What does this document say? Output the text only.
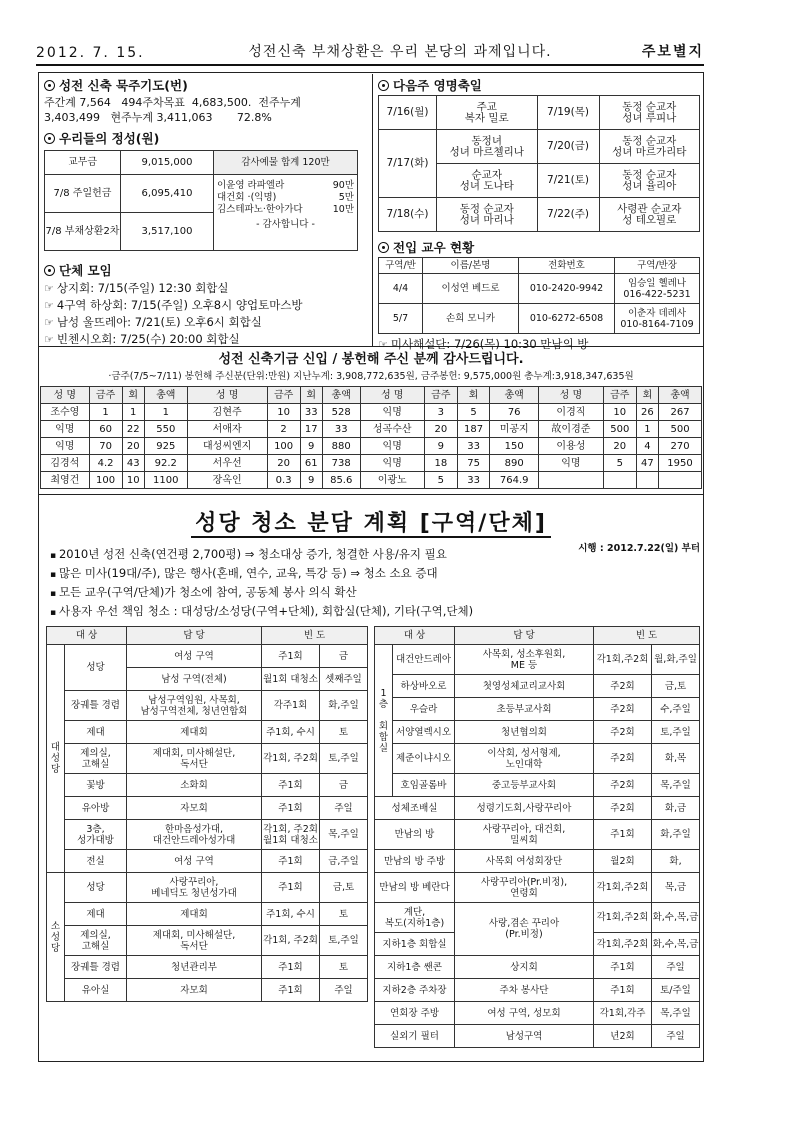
2012. 7. 15.	성전신축 부채상환은 우리 본당의 과제입니다.	주보별지
성전 신축 묵주기도(번)
주간계 7,564   494주차목표  4,683,500.  전주누계
3,403,499   현주누계 3,411,063       72.8%
우리들의 정성(원)
교무금	9,015,000
7/8 주일헌금	6,095,410
7/8 부채상환2차	3,517,100
감사예물 합계 120만
이윤영 라파엘라	90만
대건회 ·(익명)	5만
김스테파노·한아가다	10만
- 감사합니다 -
단체 모임
☞ 상지회: 7/15(주일) 12:30 회합실
☞ 4구역 하상회: 7/15(주일) 오후8시 양업토마스방
☞ 남성 울뜨레아: 7/21(토) 오후6시 회합실
☞ 빈첸시오회: 7/25(수) 20:00 회합실
다음주 영명축일
7/16(월)	주교
복자 밀로	7/19(목)	동정 순교자
성녀 루피나
7/17(화)	동정녀
성녀 마르첼리나	7/20(금)	동정 순교자
성녀 마르가리타
	순교자
성녀 도나타	7/21(토)	동정 순교자
성녀 율리아
7/18(수)	동정 순교자
성녀 마리나	7/22(주)	사령관 순교자
성 테오필로
전입 교우 현황
구역/반	이름/본명	전화번호	구역/반장
4/4	이성연 베드로	010-2420-9942	임승일 헬레나
016-422-5231
5/7	손희 모니카	010-6272-6508	이춘자 데레사
010-8164-7109
☞ 미사해설단: 7/26(목) 10:30 만남의 방
성전 신축기금 신입 / 봉헌해 주신 분께 감사드립니다.
·금주(7/5~7/11) 봉헌해 주신분(단위:만원) 지난누계: 3,908,772,635원, 금주봉헌: 9,575,000원 총누계:3,918,347,635원
성 명	금주	회	총액	성 명	금주	회	총액	성 명	금주	회	총액	성 명	금주	회	총액
조수영	1	1	1	김현주	10	33	528	익명	3	5	76	이경직	10	26	267
익명	60	22	550	서애자	2	17	33	성곡수산	20	187	미공지	故이경준	500	1	500
익명	70	20	925	대성씨엔지	100	9	880	익명	9	33	150	이용성	20	4	270
김경석	4.2	43	92.2	서우선	20	61	738	익명	18	75	890	익명	5	47	1950
최영건	100	10	1100	장옥인	0.3	9	85.6	이광노	5	33	764.9				
성당 청소 분담 계획 [구역/단체]
시행 : 2012.7.22(일) 부터
▪ 2010년 성전 신축(연건평 2,700평) ⇒ 청소대상 증가, 청결한 사용/유지 필요
▪ 많은 미사(19대/주), 많은 행사(혼배, 연수, 교육, 특강 등) ⇒ 청소 소요 증대
▪ 모든 교우(구역/단체)가 청소에 참여, 공동체 봉사 의식 확산
▪ 사용자 우선 책임 청소 : 대성당/소성당(구역+단체), 회합실(단체), 기타(구역,단체)
대 상		담 당	빈 도	
대
성
당	성당	여성 구역	주1회	금
		남성 구역(전체)	월1회 대청소	셋째주일
	장궤틀 경렴	남성구역임원, 사목회,
남성구역전체, 청년연합회	각주1회	화,주일
	제대	제대회	주1회, 수시	토
	제의실,
고해실	제대회, 미사해설단,
독서단	각1회, 주2회	토,주일
	꽃방	소화회	주1회	금
	유아방	자모회	주1회	주일
	3층,
성가대방	한마음성가대,
대건안드레아성가대	각1회, 주2회
월1회 대청소	목,주일
	전실	여성 구역	주1회	금,주일
소
성
당	성당	사랑꾸리아,
베네딕도 청년성가대	주1회	금,토
	제대	제대회	주1회, 수시	토
	제의실,
고해실	제대회, 미사해설단,
독서단	각1회, 주2회	토,주일
	장궤틀 경렴	청년관리부	주1회	토
	유아실	자모회	주1회	주일
대 상		담 당	빈 도	
1
층

회
합
실	대건안드레아	사목회, 성소후원회,
ME 등	각1회,주2회	월,화,주일
	하상바오로	첫영성체교리교사회	주2회	금,토
	우슬라	초등부교사회	주2회	수,주일
	서양열렉시오	청년협의회	주2회	토,주일
	제준이냐시오	이삭회, 성서형제,
노인대학	주2회	화,목
	호임골롬바	중고등부교사회	주2회	목,주일
성체조배실		성령기도회,사랑꾸리아	주2회	화,금
만남의 방		사랑꾸리아, 대건회,
밀씨회	주1회	화,주일
만남의 방 주방		사목회 여성회장단	월2회	화,
만남의 방 베란다		사랑꾸리아(Pr.비정),
연령회	각1회,주2회	목,금
계단,
복도(지하1층)		사랑,겸손 꾸리아
(Pr.비정)	각1회,주2회	화,수,목,금
지하1층 회합실			각1회,주2회	화,수,목,금
지하1층 쌘콘		상지회	주1회	주일
지하2층 주차장		주차 봉사단	주1회	토/주일
연회장 주방		여성 구역, 성모회	각1회,각주	목,주일
실외기 필터		남성구역	년2회	주일
